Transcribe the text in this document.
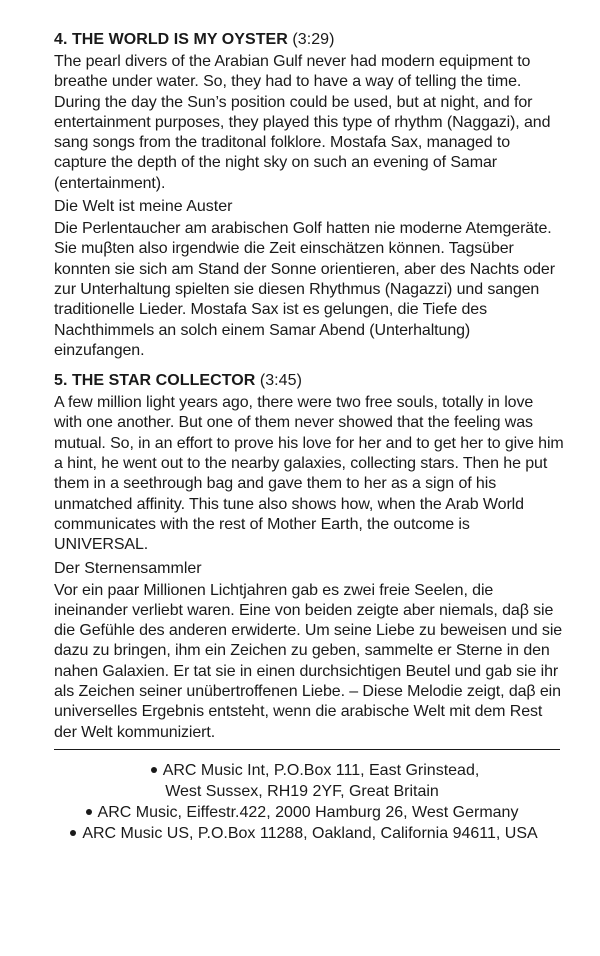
4. THE WORLD IS MY OYSTER (3:29)

The pearl divers of the Arabian Gulf never had modern equipment to breathe under water. So, they had to have a way of telling the time. During the day the Sun’s position could be used, but at night, and for entertainment purposes, they played this type of rhythm (Naggazi), and sang songs from the traditonal folklore. Mostafa Sax, managed to capture the depth of the night sky on such an evening of Samar (entertainment).

Die Welt ist meine Auster

Die Perlentaucher am arabischen Golf hatten nie moderne Atemgeräte. Sie muβten also irgendwie die Zeit einschätzen können. Tagsüber konnten sie sich am Stand der Sonne orientieren, aber des Nachts oder zur Unterhaltung spielten sie diesen Rhythmus (Nagazzi) und sangen traditionelle Lieder. Mostafa Sax ist es gelungen, die Tiefe des Nachthimmels an solch einem Samar Abend (Unterhaltung) einzufangen.

5. THE STAR COLLECTOR (3:45)

A few million light years ago, there were two free souls, totally in love with one another. But one of them never showed that the feeling was mutual. So, in an effort to prove his love for her and to get her to give him a hint, he went out to the nearby galaxies, collecting stars. Then he put them in a seethrough bag and gave them to her as a sign of his unmatched affinity. This tune also shows how, when the Arab World communicates with the rest of Mother Earth, the outcome is UNIVERSAL.

Der Sternensammler

Vor ein paar Millionen Lichtjahren gab es zwei freie Seelen, die ineinander verliebt waren. Eine von beiden zeigte aber niemals, daβ sie die Gefühle des anderen erwiderte. Um seine Liebe zu beweisen und sie dazu zu bringen, ihm ein Zeichen zu geben, sammelte er Sterne in den nahen Galaxien. Er tat sie in einen durchsichtigen Beutel und gab sie ihr als Zeichen seiner unübertroffenen Liebe. – Diese Melodie zeigt, daβ ein universelles Ergebnis entsteht, wenn die arabische Welt mit dem Rest der Welt kommuniziert.

ARC Music Int, P.O.Box 111, East Grinstead,
West Sussex, RH19 2YF, Great Britain
ARC Music, Eiffestr.422, 2000 Hamburg 26, West Germany
ARC Music US, P.O.Box 11288, Oakland, California 94611, USA
